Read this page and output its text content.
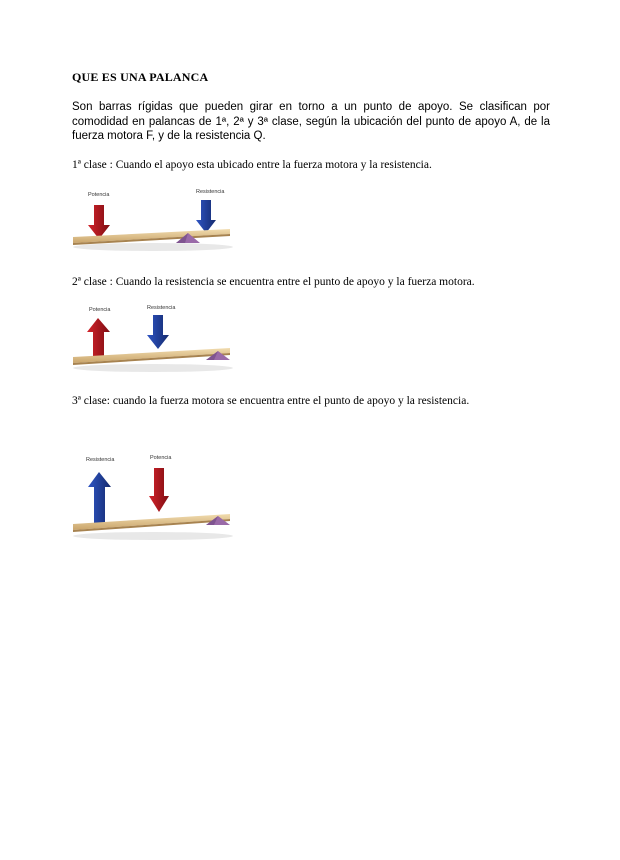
QUE ES UNA PALANCA

Son barras rígidas que pueden girar en torno a un punto de apoyo. Se clasifican por comodidad en palancas de 1ª, 2ª y 3ª clase, según la ubicación del punto de apoyo A, de la fuerza motora F, y de la resistencia Q.

1ª clase : Cuando el apoyo esta ubicado entre la fuerza motora y la resistencia.

Potencia	Resistencia

2ª clase : Cuando la resistencia se encuentra entre el punto de apoyo y la fuerza motora.

Potencia	Resistencia

3ª clase: cuando la fuerza motora se encuentra entre el punto de apoyo y la resistencia.

Resistencia	Potencia
